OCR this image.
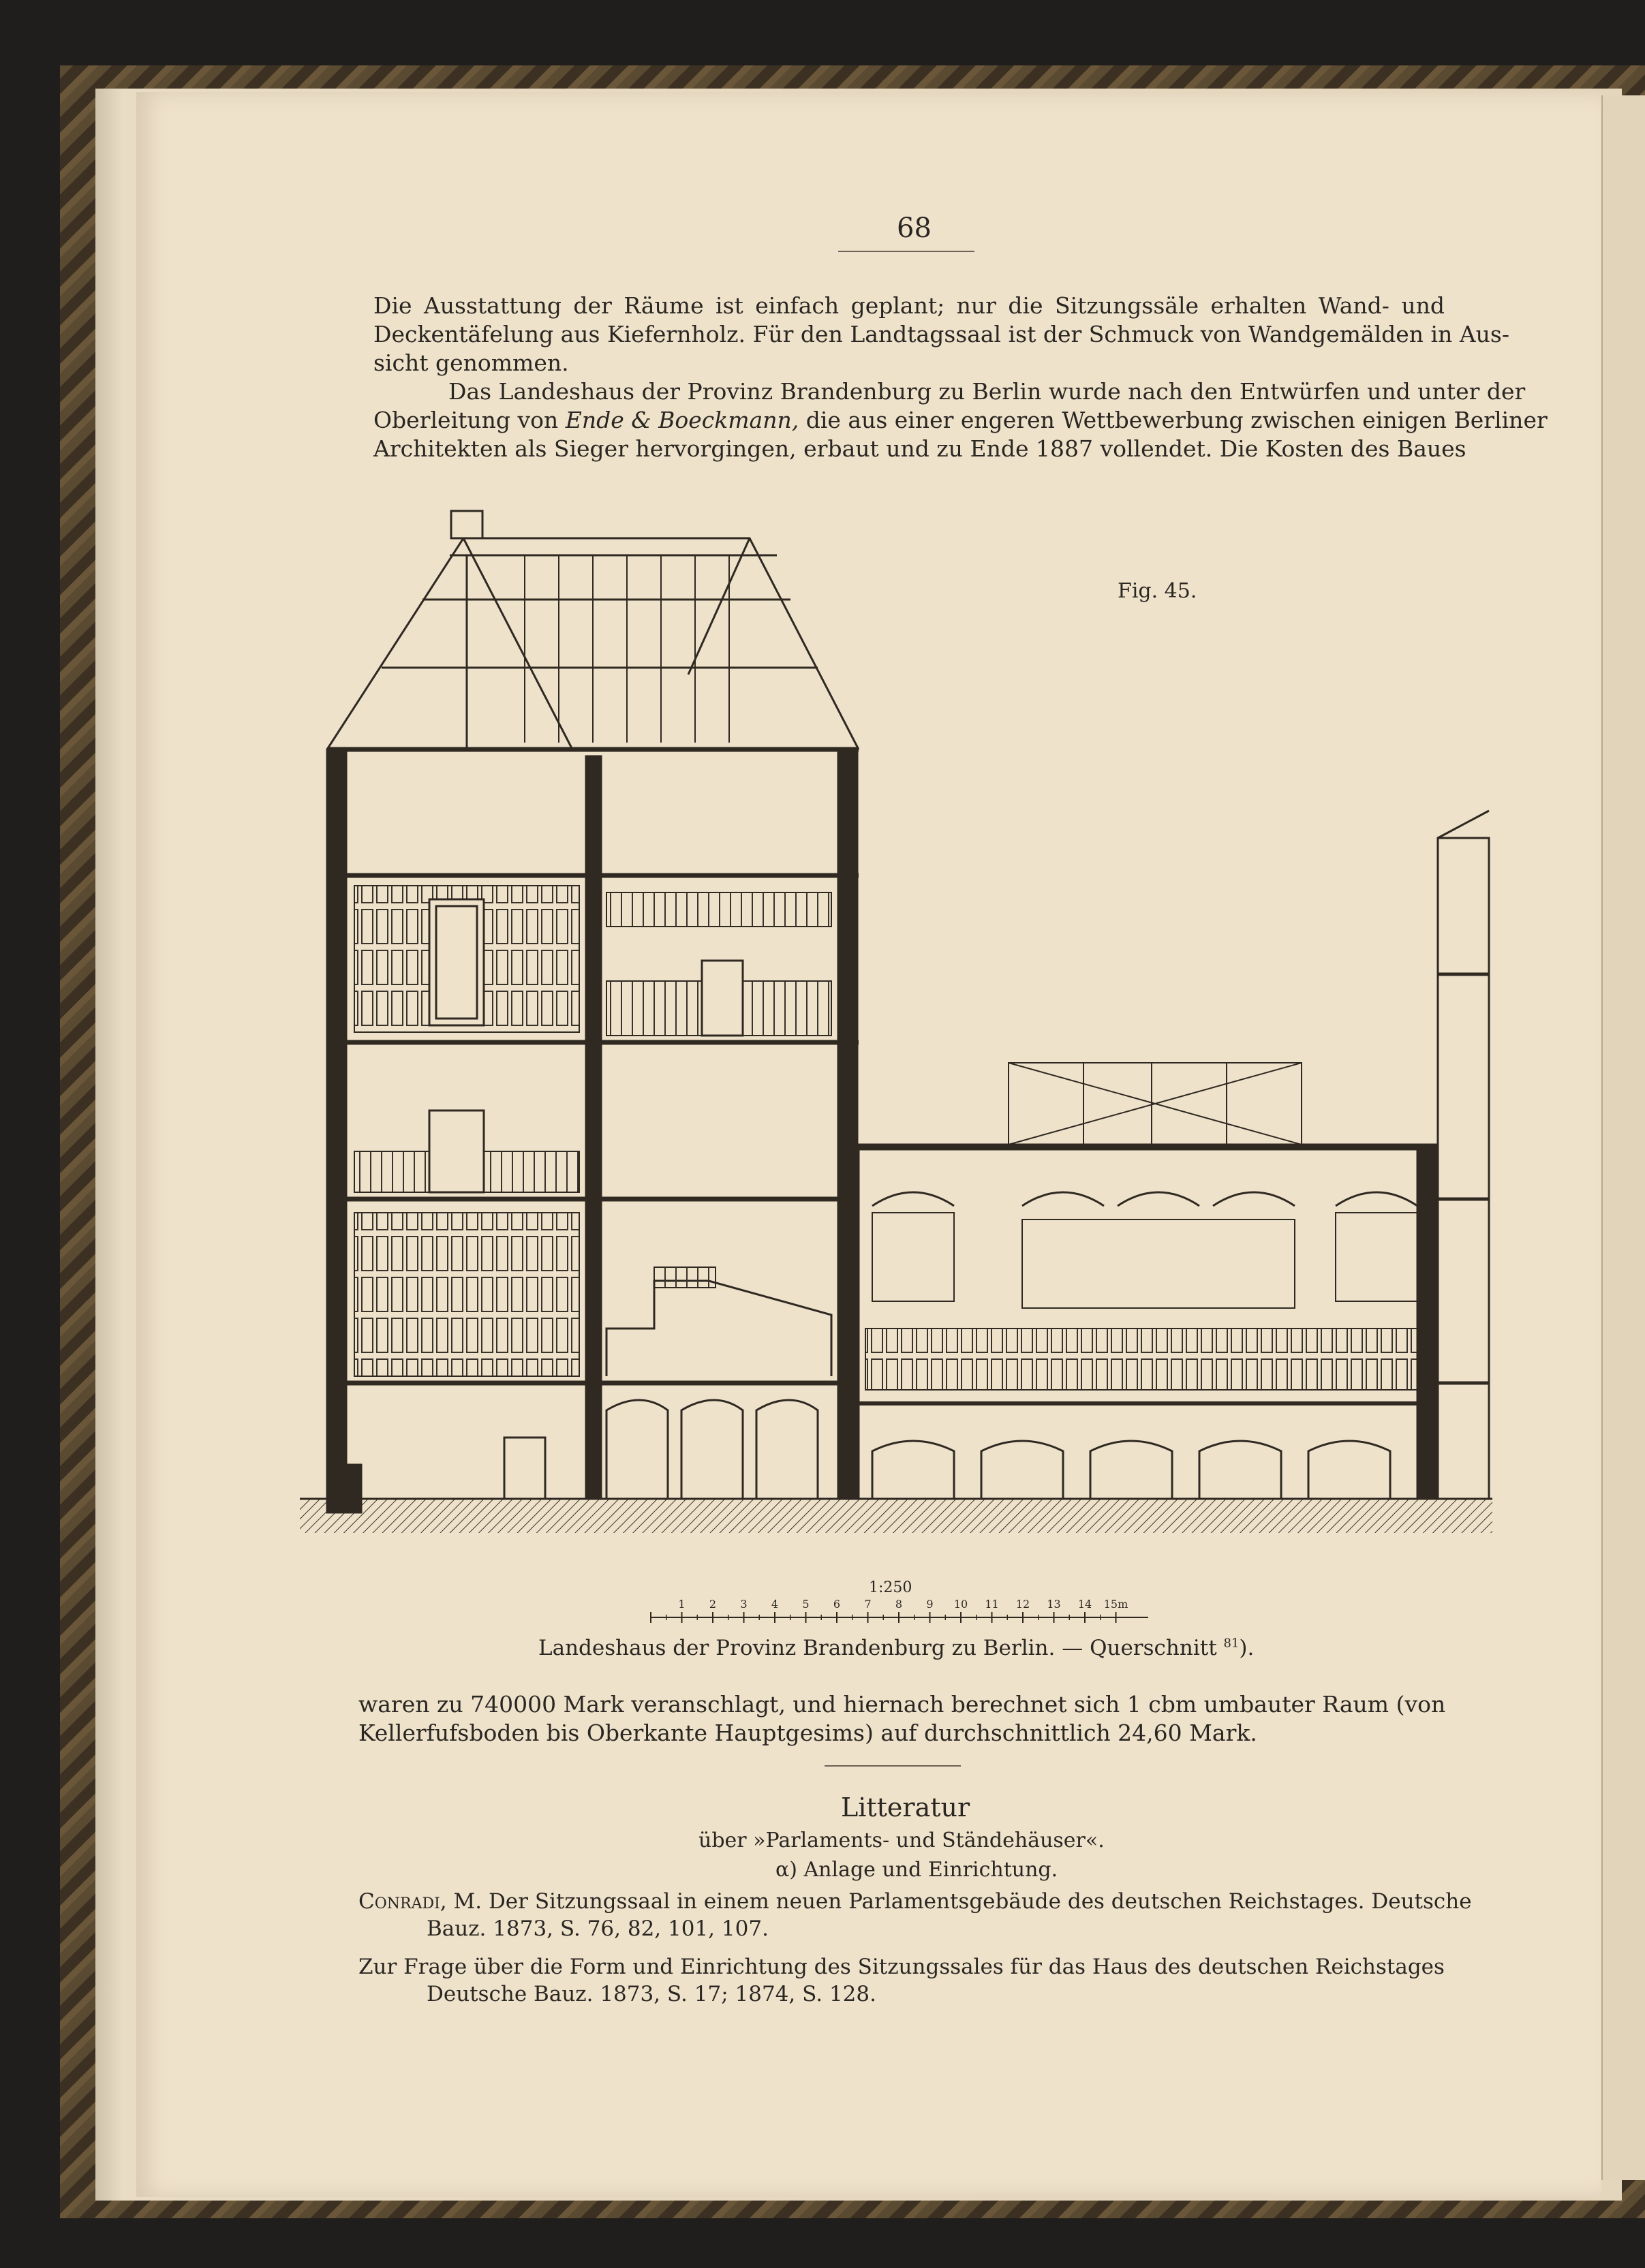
68
Die Ausstattung der Räume ist einfach geplant; nur die Sitzungssäle erhalten Wand- und
Deckentäfelung aus Kiefernholz. Für den Landtagssaal ist der Schmuck von Wandgemälden in Aus-
sicht genommen.
Das Landeshaus der Provinz Brandenburg zu Berlin wurde nach den Entwürfen und unter der
Oberleitung von Ende & Boeckmann, die aus einer engeren Wettbewerbung zwischen einigen Berliner
Architekten als Sieger hervorgingen, erbaut und zu Ende 1887 vollendet. Die Kosten des Baues
Fig. 45.
1:250
1 2 3 4 5 6 7 8 9 10 11 12 13 14 15m
Landeshaus der Provinz Brandenburg zu Berlin. — Querschnitt $^{81}$).
waren zu 740000 Mark veranschlagt, und hiernach berechnet sich 1 cbm umbauter Raum (von
Kellerfufsboden bis Oberkante Hauptgesims) auf durchschnittlich 24,60 Mark.
Litteratur
über »Parlaments- und Ständehäuser«.
α) Anlage und Einrichtung.
Conradi, M. Der Sitzungssaal in einem neuen Parlamentsgebäude des deutschen Reichstages. Deutsche
Bauz. 1873, S. 76, 82, 101, 107.
Zur Frage über die Form und Einrichtung des Sitzungssales für das Haus des deutschen Reichstages
Deutsche Bauz. 1873, S. 17; 1874, S. 128.
